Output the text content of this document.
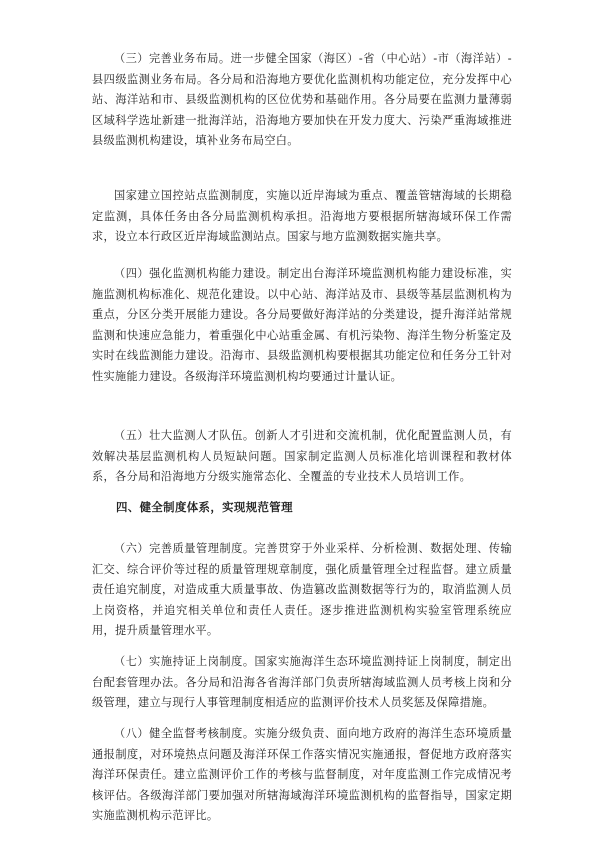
（三）完善业务布局。进一步健全国家（海区）-省（中心站）-市（海洋站）-县四级监测业务布局。各分局和沿海地方要优化监测机构功能定位，充分发挥中心站、海洋站和市、县级监测机构的区位优势和基础作用。各分局要在监测力量薄弱区域科学选址新建一批海洋站，沿海地方要加快在开发力度大、污染严重海域推进县级监测机构建设，填补业务布局空白。

国家建立国控站点监测制度，实施以近岸海域为重点、覆盖管辖海域的长期稳定监测，具体任务由各分局监测机构承担。沿海地方要根据所辖海域环保工作需求，设立本行政区近岸海域监测站点。国家与地方监测数据实施共享。

（四）强化监测机构能力建设。制定出台海洋环境监测机构能力建设标准，实施监测机构标准化、规范化建设。以中心站、海洋站及市、县级等基层监测机构为重点，分区分类开展能力建设。各分局要做好海洋站的分类建设，提升海洋站常规监测和快速应急能力，着重强化中心站重金属、有机污染物、海洋生物分析鉴定及实时在线监测能力建设。沿海市、县级监测机构要根据其功能定位和任务分工针对性实施能力建设。各级海洋环境监测机构均要通过计量认证。

（五）壮大监测人才队伍。创新人才引进和交流机制，优化配置监测人员，有效解决基层监测机构人员短缺问题。国家制定监测人员标准化培训课程和教材体系，各分局和沿海地方分级实施常态化、全覆盖的专业技术人员培训工作。

四、健全制度体系，实现规范管理

（六）完善质量管理制度。完善贯穿于外业采样、分析检测、数据处理、传输汇交、综合评价等过程的质量管理规章制度，强化质量管理全过程监督。建立质量责任追究制度，对造成重大质量事故、伪造篡改监测数据等行为的，取消监测人员上岗资格，并追究相关单位和责任人责任。逐步推进监测机构实验室管理系统应用，提升质量管理水平。

（七）实施持证上岗制度。国家实施海洋生态环境监测持证上岗制度，制定出台配套管理办法。各分局和沿海各省海洋部门负责所辖海域监测人员考核上岗和分级管理，建立与现行人事管理制度相适应的监测评价技术人员奖惩及保障措施。

（八）健全监督考核制度。实施分级负责、面向地方政府的海洋生态环境质量通报制度，对环境热点问题及海洋环保工作落实情况实施通报，督促地方政府落实海洋环保责任。建立监测评价工作的考核与监督制度，对年度监测工作完成情况考核评估。各级海洋部门要加强对所辖海域海洋环境监测机构的监督指导，国家定期实施监测机构示范评比。
